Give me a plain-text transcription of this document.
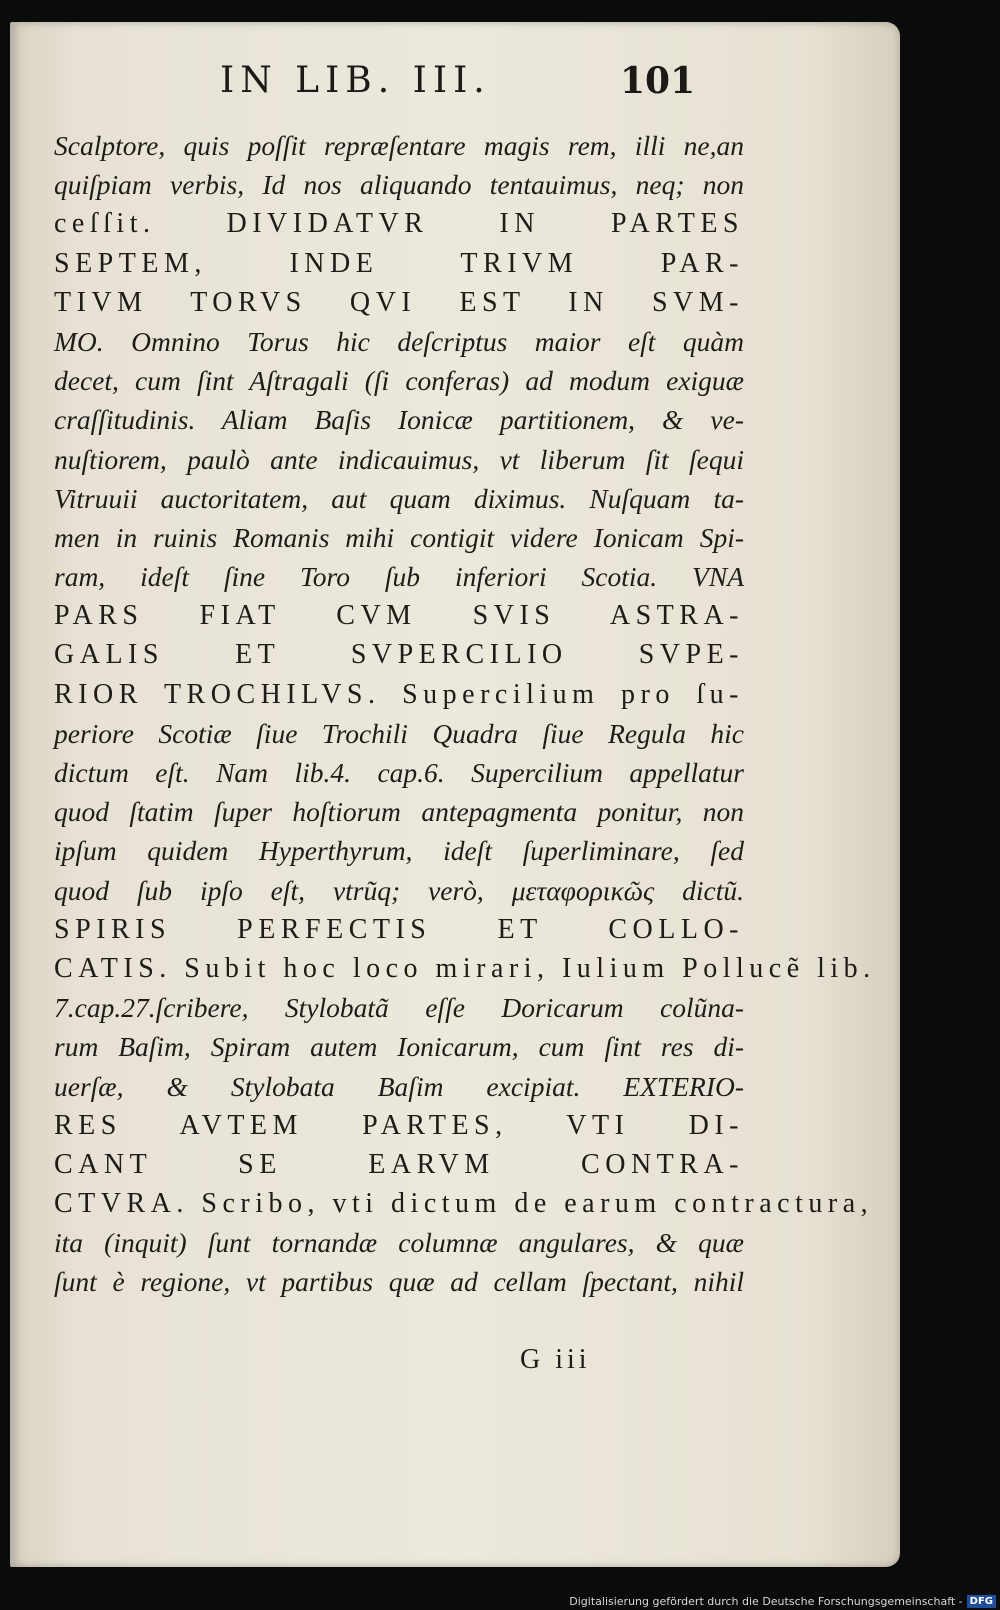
IN LIB. III.	101
Scalptore, quis poſſit repræſentare magis rem, illi ne,an
quiſpiam verbis, Id nos aliquando tentauimus, neq; non
ceſſit. DIVIDATVR IN PARTES
SEPTEM, INDE TRIVM PAR-
TIVM TORVS QVI EST IN SVM-
MO. Omnino Torus hic deſcriptus maior eſt quàm
decet, cum ſint Aſtragali (ſi conferas) ad modum exiguæ
craſſitudinis. Aliam Baſis Ionicæ partitionem, & ve-
nuſtiorem, paulò ante indicauimus, vt liberum ſit ſequi
Vitruuii auctoritatem, aut quam diximus. Nuſquam ta-
men in ruinis Romanis mihi contigit videre Ionicam Spi-
ram, ideſt ſine Toro ſub inferiori Scotia. VNA
PARS FIAT CVM SVIS ASTRA-
GALIS ET SVPERCILIO SVPE-
RIOR TROCHILVS. Supercilium pro ſu-
periore Scotiæ ſiue Trochili Quadra ſiue Regula hic
dictum eſt. Nam lib.4. cap.6. Supercilium appellatur
quod ſtatim ſuper hoſtiorum antepagmenta ponitur, non
ipſum quidem Hyperthyrum, ideſt ſuperliminare, ſed
quod ſub ipſo eſt, vtrũq; verò, μεταφορικῶς dictũ.
SPIRIS PERFECTIS ET COLLO-
CATIS. Subit hoc loco mirari, Iulium Pollucẽ lib.
7.cap.27.ſcribere, Stylobatã eſſe Doricarum colũna-
rum Baſim, Spiram autem Ionicarum, cum ſint res di-
uerſæ, & Stylobata Baſim excipiat. EXTERIO-
RES AVTEM PARTES, VTI DI-
CANT SE EARVM CONTRA-
CTVRA. Scribo, vti dictum de earum contractura,
ita (inquit) ſunt tornandæ columnæ angulares, & quæ
ſunt è regione, vt partibus quæ ad cellam ſpectant, nihil
G iii
Digitalisierung gefördert durch die Deutsche Forschungsgemeinschaft - DFG
